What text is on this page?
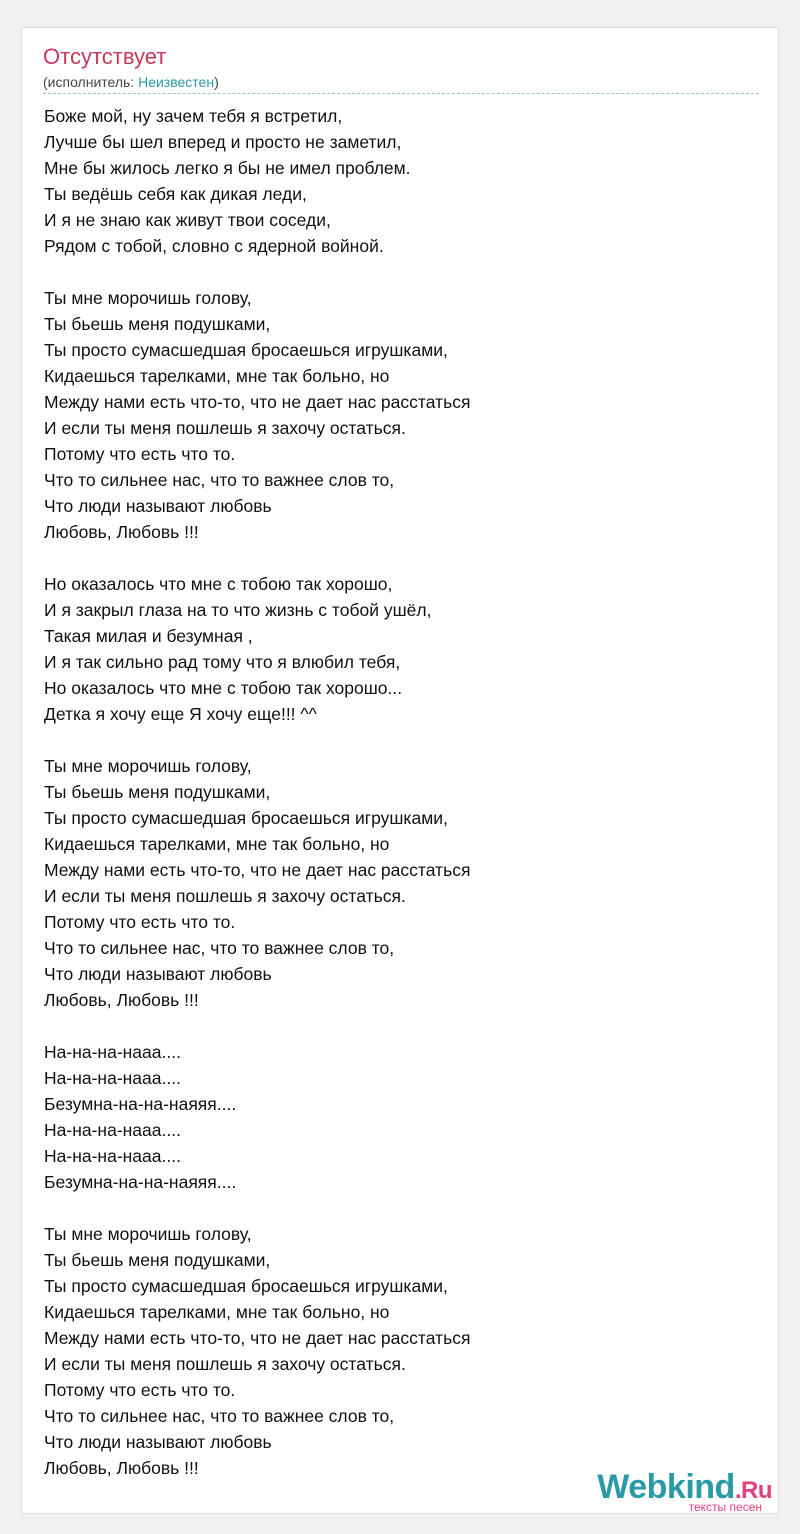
Отсутствует
(исполнитель: Неизвестен)
Боже мой, ну зачем тебя я встретил,
Лучше бы шел вперед и просто не заметил,
Мне бы жилось легко я бы не имел проблем.
Ты ведёшь себя как дикая леди,
И я не знаю как живут твои соседи,
Рядом с тобой, словно с ядерной войной.
Ты мне морочишь голову,
Ты бьешь меня подушками,
Ты просто сумасшедшая бросаешься игрушками,
Кидаешься тарелками, мне так больно, но
Между нами есть что-то, что не дает нас расстаться
И если ты меня пошлешь я захочу остаться.
Потому что есть что то.
Что то сильнее нас, что то важнее слов то,
Что люди называют любовь
Любовь, Любовь !!!
Но оказалось что мне с тобою так хорошо,
И я закрыл глаза на то что жизнь с тобой ушёл,
Такая милая и безумная ,
И я так сильно рад тому что я влюбил тебя,
Но оказалось что мне с тобою так хорошо...
Детка я хочу еще Я хочу еще!!! ^^
Ты мне морочишь голову,
Ты бьешь меня подушками,
Ты просто сумасшедшая бросаешься игрушками,
Кидаешься тарелками, мне так больно, но
Между нами есть что-то, что не дает нас расстаться
И если ты меня пошлешь я захочу остаться.
Потому что есть что то.
Что то сильнее нас, что то важнее слов то,
Что люди называют любовь
Любовь, Любовь !!!
На-на-на-нааа....
На-на-на-нааа....
Безумна-на-на-наяяя....
На-на-на-нааа....
На-на-на-нааа....
Безумна-на-на-наяяя....
Ты мне морочишь голову,
Ты бьешь меня подушками,
Ты просто сумасшедшая бросаешься игрушками,
Кидаешься тарелками, мне так больно, но
Между нами есть что-то, что не дает нас расстаться
И если ты меня пошлешь я захочу остаться.
Потому что есть что то.
Что то сильнее нас, что то важнее слов то,
Что люди называют любовь
Любовь, Любовь !!!	Webkind.Ru
тексты песен
